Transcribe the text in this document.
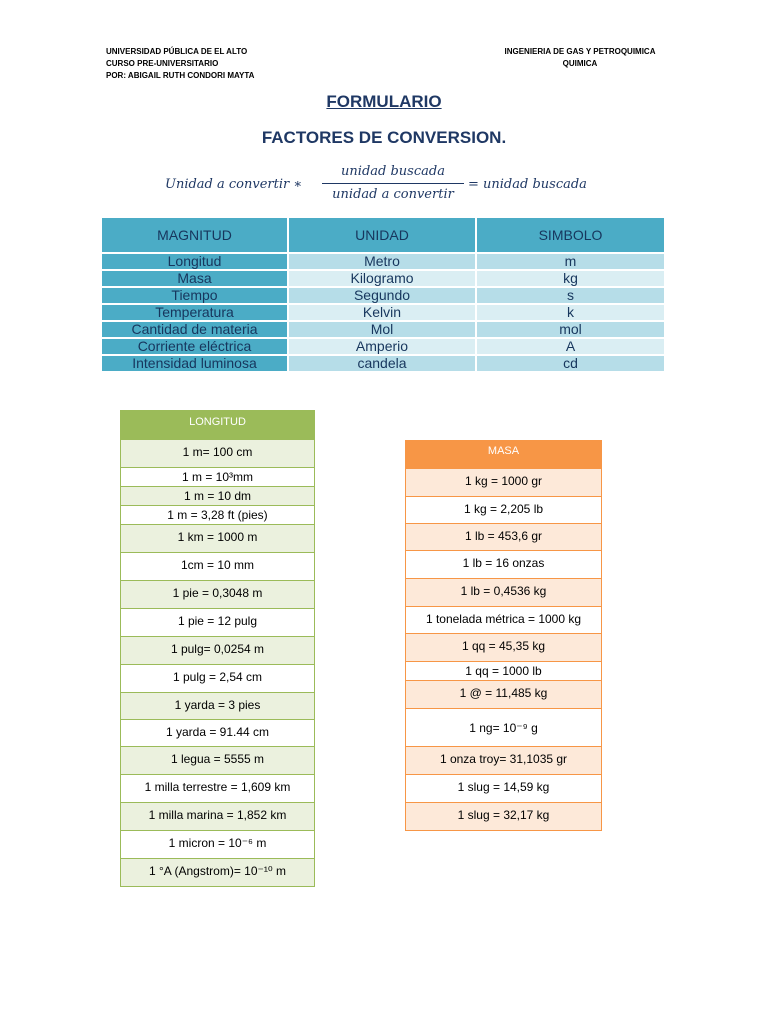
UNIVERSIDAD PÚBLICA DE EL ALTO
CURSO PRE-UNIVERSITARIO
POR: ABIGAIL RUTH CONDORI MAYTA
INGENIERIA DE GAS Y PETROQUIMICA
QUIMICA
FORMULARIO
FACTORES DE CONVERSION.
Unidad a convertir ∗
unidad buscada
unidad a convertir
= unidad buscada
MAGNITUD	UNIDAD	SIMBOLO
Longitud	Metro	m
Masa	Kilogramo	kg
Tiempo	Segundo	s
Temperatura	Kelvin	k
Cantidad de materia	Mol	mol
Corriente eléctrica	Amperio	A
Intensidad luminosa	candela	cd
LONGITUD
1 m= 100 cm
1 m = 10³mm
1 m = 10 dm
1 m = 3,28 ft (pies)
1 km = 1000 m
1cm = 10 mm
1 pie = 0,3048 m
1 pie = 12 pulg
1 pulg= 0,0254 m
1 pulg = 2,54 cm
1 yarda = 3 pies
1 yarda = 91.44 cm
1 legua = 5555 m
1 milla terrestre = 1,609 km
1 milla marina = 1,852 km
1 micron = 10⁻⁶ m
1 °A (Angstrom)= 10⁻¹⁰ m
MASA
1 kg = 1000 gr
1 kg = 2,205 lb
1 lb = 453,6 gr
1 lb = 16 onzas
1 lb = 0,4536 kg
1 tonelada métrica = 1000 kg
1 qq = 45,35 kg
1 qq = 1000 lb
1 @ = 11,485 kg
1 ng= 10⁻⁹ g
1 onza troy= 31,1035 gr
1 slug = 14,59 kg
1 slug = 32,17 kg
